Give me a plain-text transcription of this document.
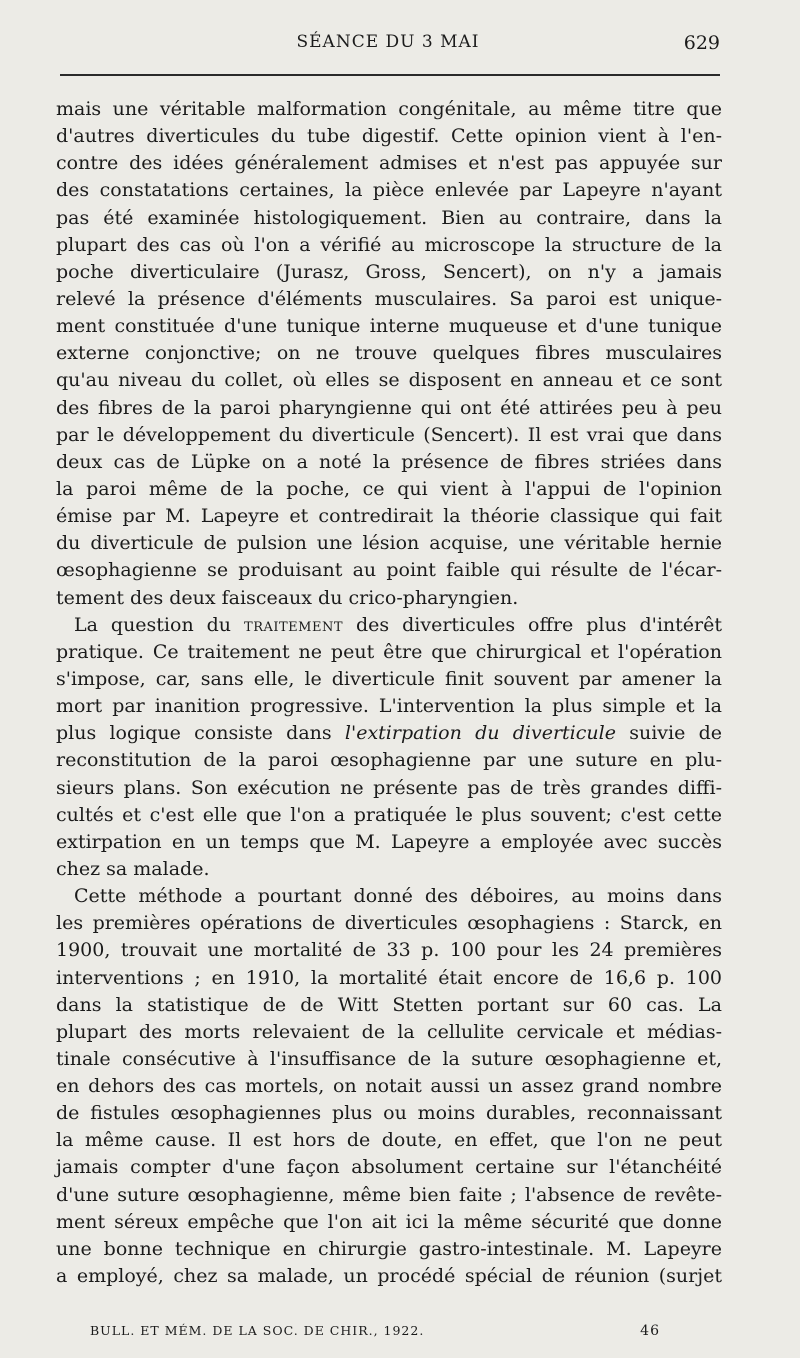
SÉANCE DU 3 MAI	629
mais une véritable malformation congénitale, au même titre que
d'autres diverticules du tube digestif. Cette opinion vient à l'en-
contre des idées généralement admises et n'est pas appuyée sur
des constatations certaines, la pièce enlevée par Lapeyre n'ayant
pas été examinée histologiquement. Bien au contraire, dans la
plupart des cas où l'on a vérifié au microscope la structure de la
poche diverticulaire (Jurasz, Gross, Sencert), on n'y a jamais
relevé la présence d'éléments musculaires. Sa paroi est unique-
ment constituée d'une tunique interne muqueuse et d'une tunique
externe conjonctive; on ne trouve quelques fibres musculaires
qu'au niveau du collet, où elles se disposent en anneau et ce sont
des fibres de la paroi pharyngienne qui ont été attirées peu à peu
par le développement du diverticule (Sencert). Il est vrai que dans
deux cas de Lüpke on a noté la présence de fibres striées dans
la paroi même de la poche, ce qui vient à l'appui de l'opinion
émise par M. Lapeyre et contredirait la théorie classique qui fait
du diverticule de pulsion une lésion acquise, une véritable hernie
œsophagienne se produisant au point faible qui résulte de l'écar-
tement des deux faisceaux du crico-pharyngien.
La question du traitement des diverticules offre plus d'intérêt
pratique. Ce traitement ne peut être que chirurgical et l'opération
s'impose, car, sans elle, le diverticule finit souvent par amener la
mort par inanition progressive. L'intervention la plus simple et la
plus logique consiste dans l'extirpation du diverticule suivie de
reconstitution de la paroi œsophagienne par une suture en plu-
sieurs plans. Son exécution ne présente pas de très grandes diffi-
cultés et c'est elle que l'on a pratiquée le plus souvent; c'est cette
extirpation en un temps que M. Lapeyre a employée avec succès
chez sa malade.
Cette méthode a pourtant donné des déboires, au moins dans
les premières opérations de diverticules œsophagiens : Starck, en
1900, trouvait une mortalité de 33 p. 100 pour les 24 premières
interventions ; en 1910, la mortalité était encore de 16,6 p. 100
dans la statistique de de Witt Stetten portant sur 60 cas. La
plupart des morts relevaient de la cellulite cervicale et médias-
tinale consécutive à l'insuffisance de la suture œsophagienne et,
en dehors des cas mortels, on notait aussi un assez grand nombre
de fistules œsophagiennes plus ou moins durables, reconnaissant
la même cause. Il est hors de doute, en effet, que l'on ne peut
jamais compter d'une façon absolument certaine sur l'étanchéité
d'une suture œsophagienne, même bien faite ; l'absence de revête-
ment séreux empêche que l'on ait ici la même sécurité que donne
une bonne technique en chirurgie gastro-intestinale. M. Lapeyre
a employé, chez sa malade, un procédé spécial de réunion (surjet
BULL. ET MÉM. DE LA SOC. DE CHIR., 1922.	46
